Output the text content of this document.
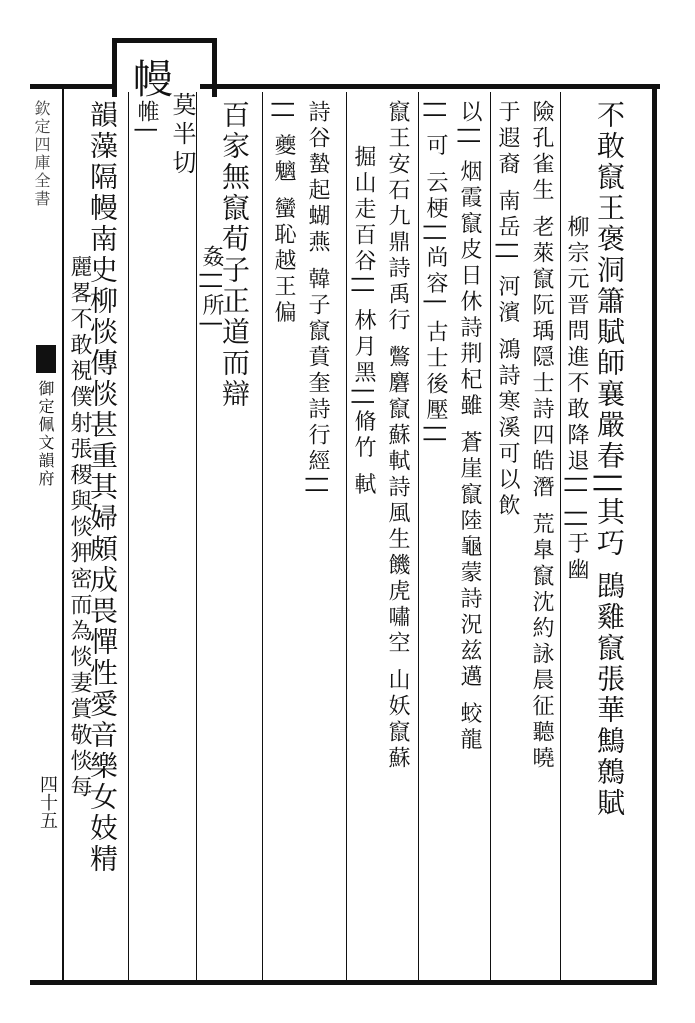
幔
莫半切
欽定四庫全書
御定佩文韻府
四十五	不敢竄王褒洞簫賦師襄嚴春||其巧 鵾雞竄張華鷦鷯賦
柳宗元晋問進不敢降退|| ||于幽
險孔雀生 老萊竄阮瑀隠士詩四皓潛 荒臯竄沈約詠晨征聽曉
于遐裔 南岳|| 河濱 鴻詩寒溪可以飲
以|| 烟霞竄皮日休詩荆杞雖 蒼崖竄陸龜蒙詩況兹邁 蛟龍
|| 可 云梗||尚容| 古士後壓||
竄王安石九鼎詩禹行 鷩麏竄蘇軾詩風生饑虎嘯空 山妖竄蘇
掘山走百谷|| 林月黑||脩竹 軾
詩谷蟄起蝴燕 韓子竄賁奎詩行經||
|| 夔魑 蠻恥越王偏
百家無竄荀子正道而辯
姦||所|
帷|
韻藻隔幔南史柳惔傳惔甚重其婦頗成畏憚性愛音樂女妓精
麗畧不敢視僕射張稷與惔狎密而為惔妻賞敬惔每
